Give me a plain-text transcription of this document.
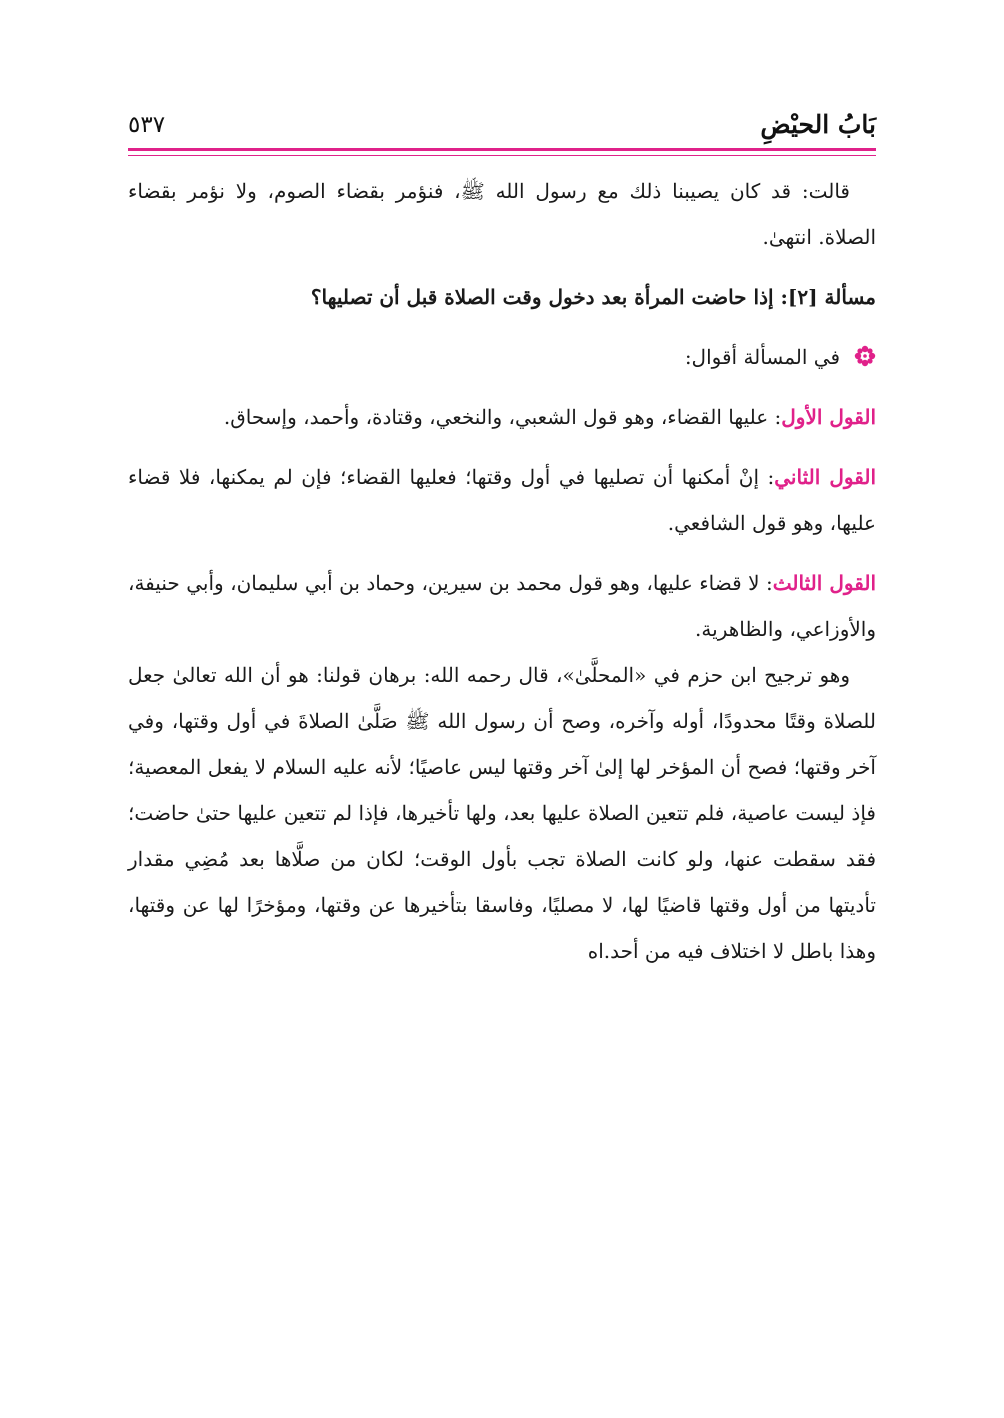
بَابُ الحيْضِ
٥٣٧

قالت: قد كان يصيبنا ذلك مع رسول الله ﷺ، فنؤمر بقضاء الصوم، ولا نؤمر بقضاء الصلاة. انتهىٰ.

مسألة [٢]: إذا حاضت المرأة بعد دخول وقت الصلاة قبل أن تصليها؟

في المسألة أقوال:

القول الأول: عليها القضاء، وهو قول الشعبي، والنخعي، وقتادة، وأحمد، وإسحاق.

القول الثاني: إنْ أمكنها أن تصليها في أول وقتها؛ فعليها القضاء؛ فإن لم يمكنها، فلا قضاء عليها، وهو قول الشافعي.

القول الثالث: لا قضاء عليها، وهو قول محمد بن سيرين، وحماد بن أبي سليمان، وأبي حنيفة، والأوزاعي، والظاهرية.

وهو ترجيح ابن حزم في «المحلَّىٰ»، قال رحمه الله: برهان قولنا: هو أن الله تعالىٰ جعل للصلاة وقتًا محدودًا، أوله وآخره، وصح أن رسول الله ﷺ صَلَّىٰ الصلاةَ في أول وقتها، وفي آخر وقتها؛ فصح أن المؤخر لها إلىٰ آخر وقتها ليس عاصيًا؛ لأنه عليه السلام لا يفعل المعصية؛ فإذ ليست عاصية، فلم تتعين الصلاة عليها بعد، ولها تأخيرها، فإذا لم تتعين عليها حتىٰ حاضت؛ فقد سقطت عنها، ولو كانت الصلاة تجب بأول الوقت؛ لكان من صلَّاها بعد مُضِي مقدار تأديتها من أول وقتها قاضيًا لها، لا مصليًا، وفاسقا بتأخيرها عن وقتها، ومؤخرًا لها عن وقتها، وهذا باطل لا اختلاف فيه من أحد.اه
